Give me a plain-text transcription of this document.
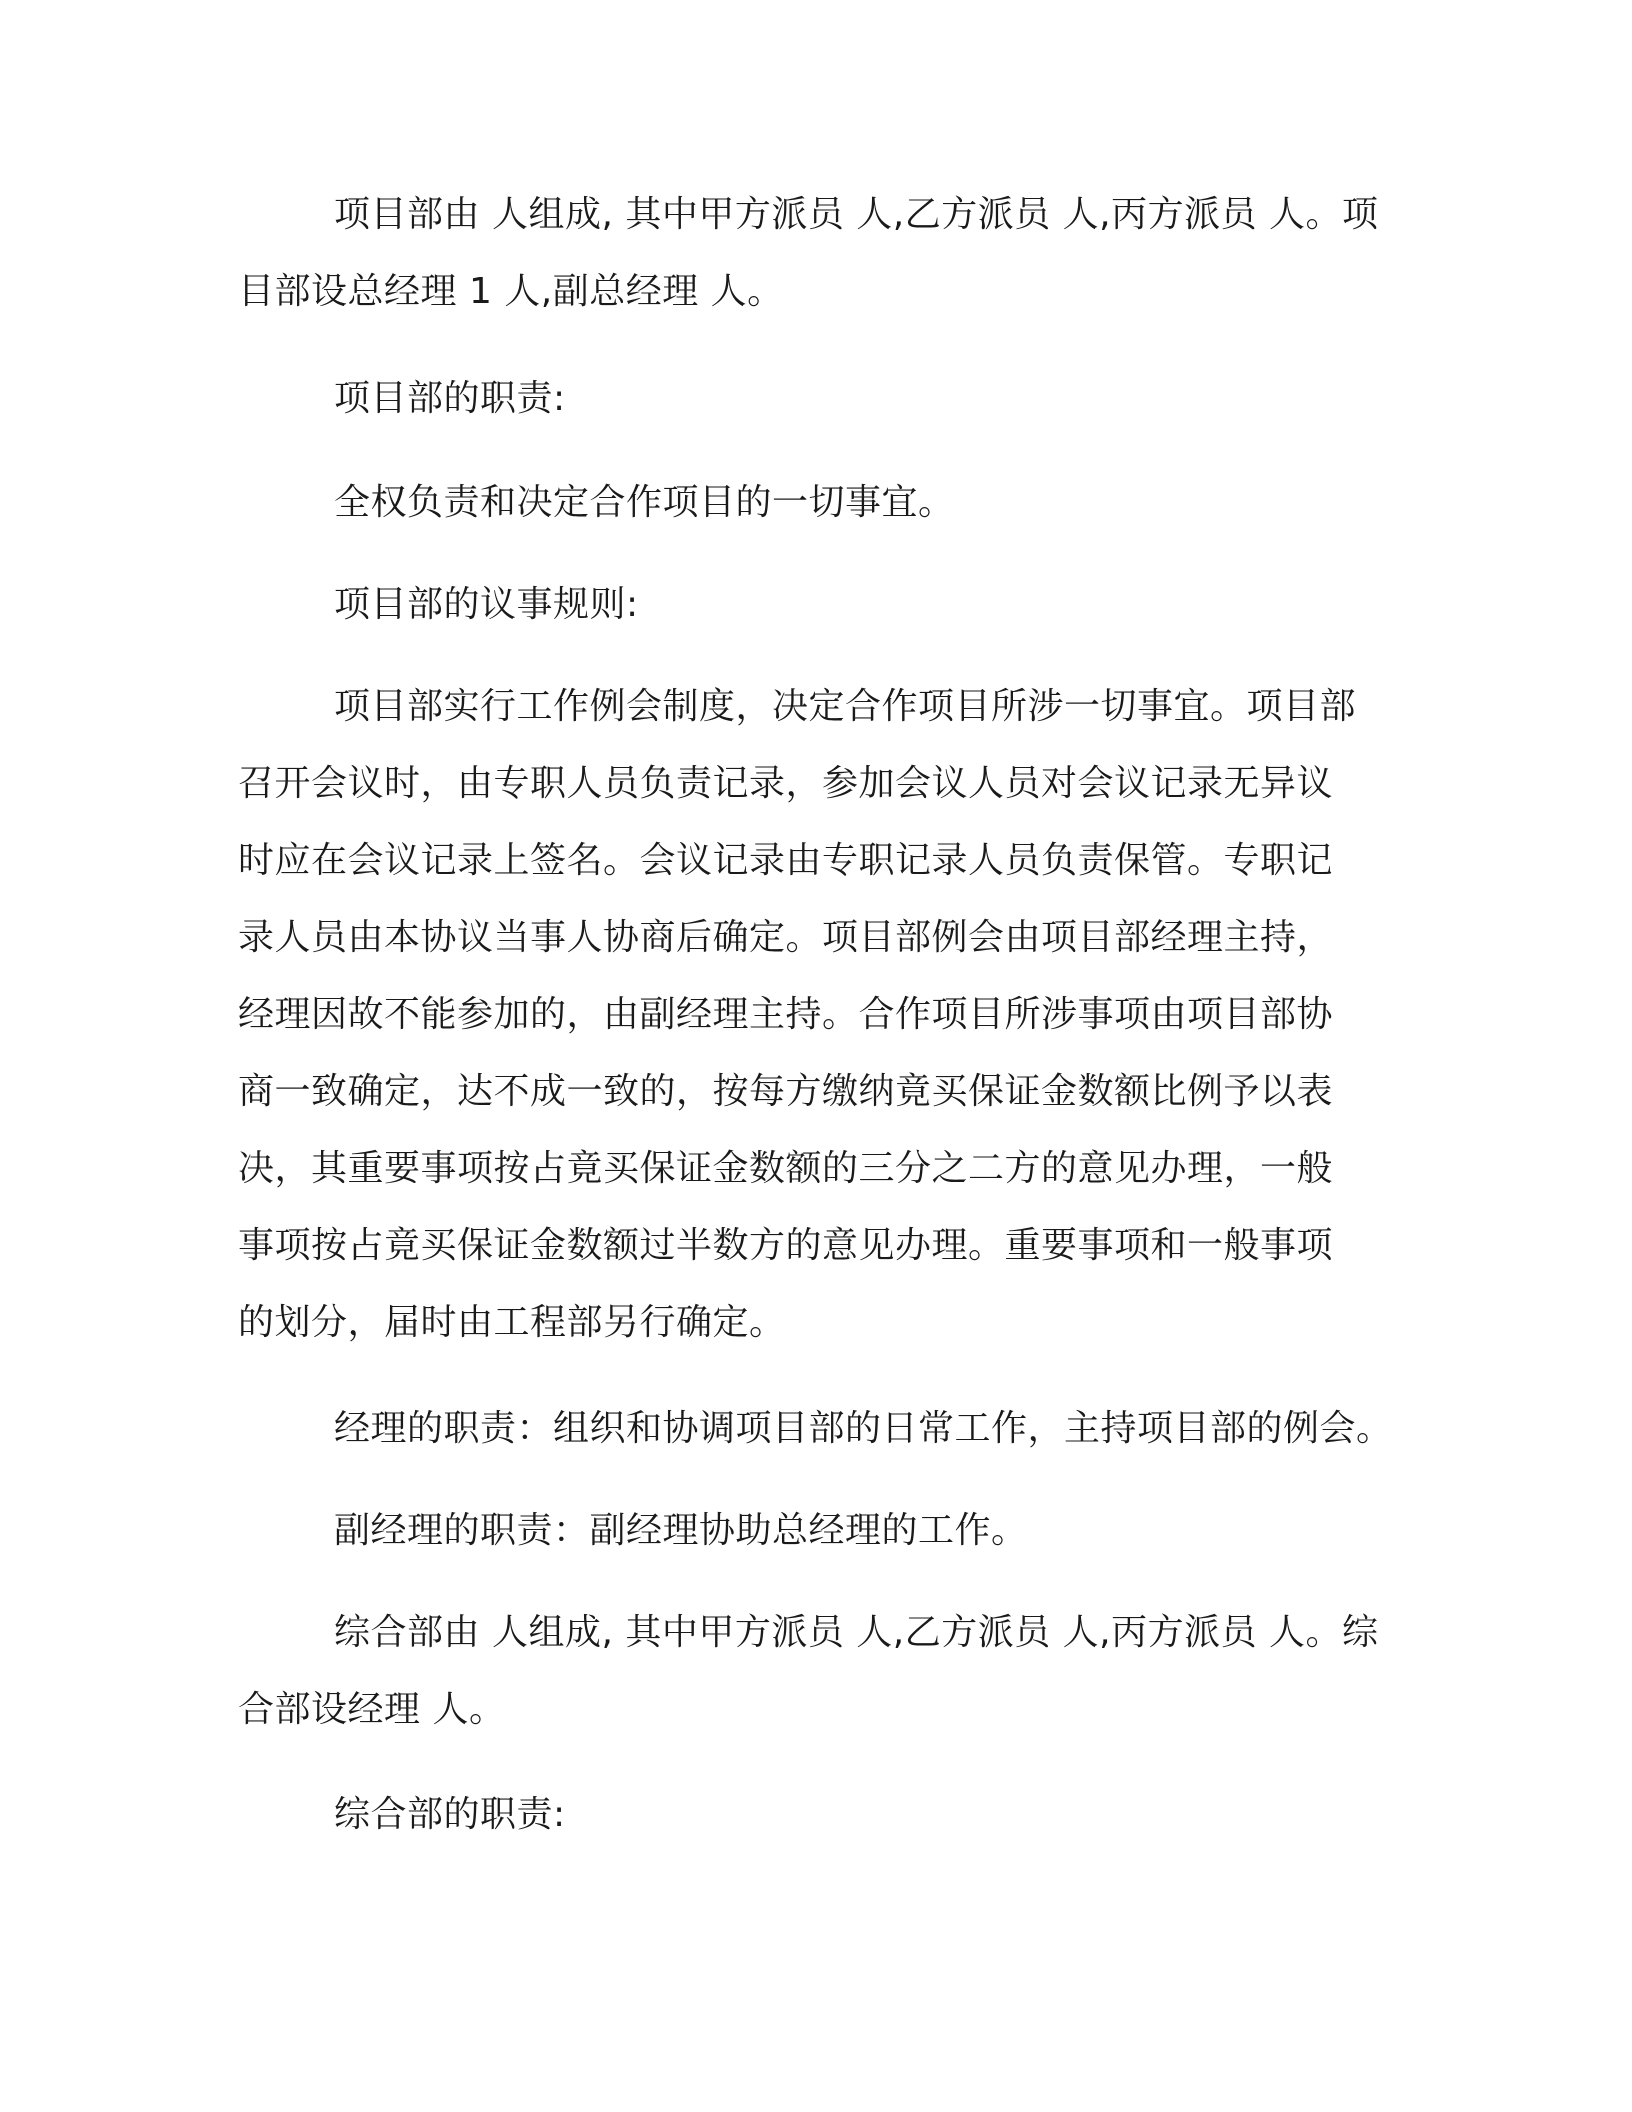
项目部由 人组成, 其中甲方派员 人,乙方派员 人,丙方派员 人。项
目部设总经理 1 人,副总经理 人。

项目部的职责:

全权负责和决定合作项目的一切事宜。

项目部的议事规则:

项目部实行工作例会制度，决定合作项目所涉一切事宜。项目部
召开会议时，由专职人员负责记录，参加会议人员对会议记录无异议
时应在会议记录上签名。会议记录由专职记录人员负责保管。专职记
录人员由本协议当事人协商后确定。项目部例会由项目部经理主持，
经理因故不能参加的，由副经理主持。合作项目所涉事项由项目部协
商一致确定，达不成一致的，按每方缴纳竟买保证金数额比例予以表
决，其重要事项按占竟买保证金数额的三分之二方的意见办理，一般
事项按占竟买保证金数额过半数方的意见办理。重要事项和一般事项
的划分，届时由工程部另行确定。

经理的职责：组织和协调项目部的日常工作，主持项目部的例会。

副经理的职责：副经理协助总经理的工作。

综合部由 人组成, 其中甲方派员 人,乙方派员 人,丙方派员 人。综
合部设经理 人。

综合部的职责:
